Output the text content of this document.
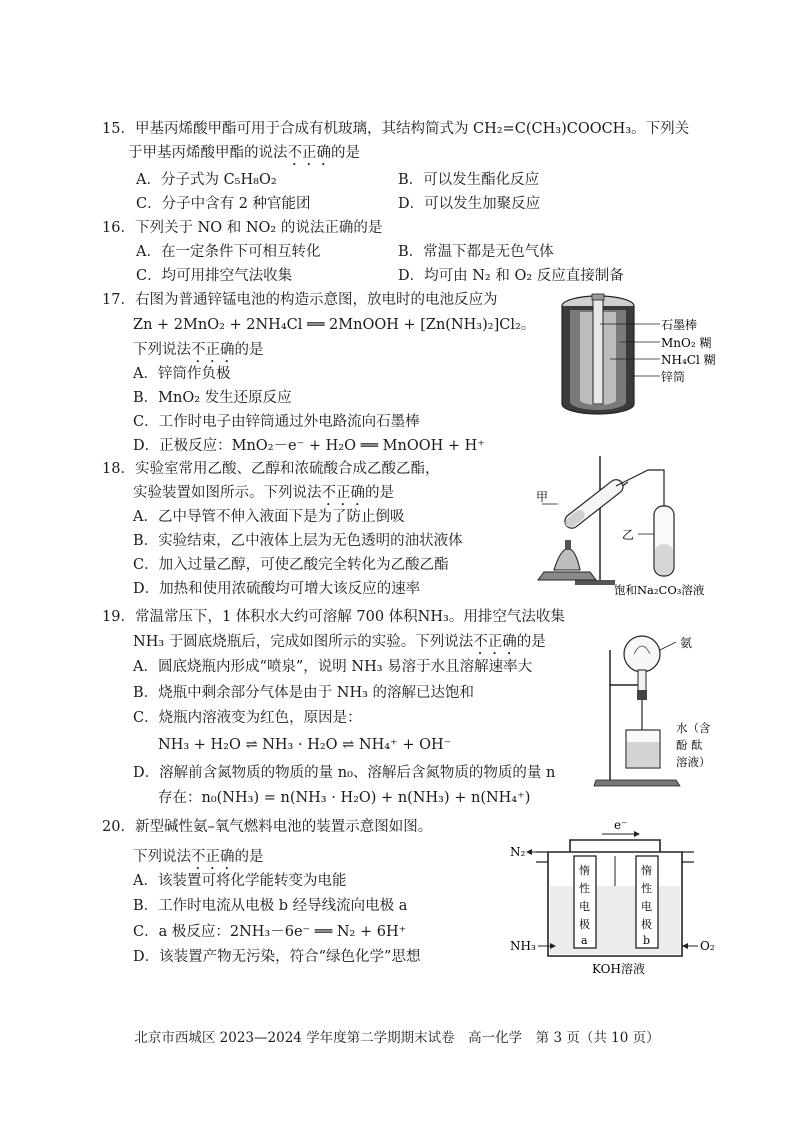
15．甲基丙烯酸甲酯可用于合成有机玻璃，其结构简式为 CH₂=C(CH₃)COOCH₃。下列关
于甲基丙烯酸甲酯的说法不正确的是
A．分子式为 C₅H₈O₂	B．可以发生酯化反应
C．分子中含有 2 种官能团	D．可以发生加聚反应
16．下列关于 NO 和 NO₂ 的说法正确的是
A．在一定条件下可相互转化	B．常温下都是无色气体
C．均可用排空气法收集	D．均可由 N₂ 和 O₂ 反应直接制备
17．右图为普通锌锰电池的构造示意图，放电时的电池反应为
Zn + 2MnO₂ + 2NH₄Cl ══ 2MnOOH + [Zn(NH₃)₂]Cl₂。
下列说法不正确的是
A．锌筒作负极
B．MnO₂ 发生还原反应
C．工作时电子由锌筒通过外电路流向石墨棒
D．正极反应：MnO₂－e⁻ + H₂O ══ MnOOH + H⁺
石墨棒
MnO₂ 糊
NH₄Cl 糊
锌筒
18．实验室常用乙酸、乙醇和浓硫酸合成乙酸乙酯，
实验装置如图所示。下列说法不正确的是
A．乙中导管不伸入液面下是为了防止倒吸
B．实验结束，乙中液体上层为无色透明的油状液体
C．加入过量乙醇，可使乙酸完全转化为乙酸乙酯
D．加热和使用浓硫酸均可增大该反应的速率
甲
乙
饱和Na₂CO₃溶液
19．常温常压下，1 体积水大约可溶解 700 体积NH₃。用排空气法收集
NH₃ 于圆底烧瓶后，完成如图所示的实验。下列说法不正确的是
A．圆底烧瓶内形成“喷泉”，说明 NH₃ 易溶于水且溶解速率大
B．烧瓶中剩余部分气体是由于 NH₃ 的溶解已达饱和
C．烧瓶内溶液变为红色，原因是：
NH₃ + H₂O ⇌ NH₃ · H₂O ⇌ NH₄⁺ + OH⁻
D．溶解前含氮物质的物质的量 n₀、溶解后含氮物质的物质的量 n
存在：n₀(NH₃) = n(NH₃ · H₂O) + n(NH₃) + n(NH₄⁺)
氨
水（含
酚 酞
溶液）
20．新型碱性氨–氧气燃料电池的装置示意图如图。
下列说法不正确的是
A．该装置可将化学能转变为电能
B．工作时电流从电极 b 经导线流向电极 a
C．a 极反应：2NH₃－6e⁻ ══ N₂ + 6H⁺
D．该装置产物无污染，符合“绿色化学”思想
e⁻
惰
性
电
极
a
惰
性
电
极
b
N₂
NH₃	O₂
KOH溶液
北京市西城区 2023—2024 学年度第二学期期末试卷　高一化学　第 3 页（共 10 页）
